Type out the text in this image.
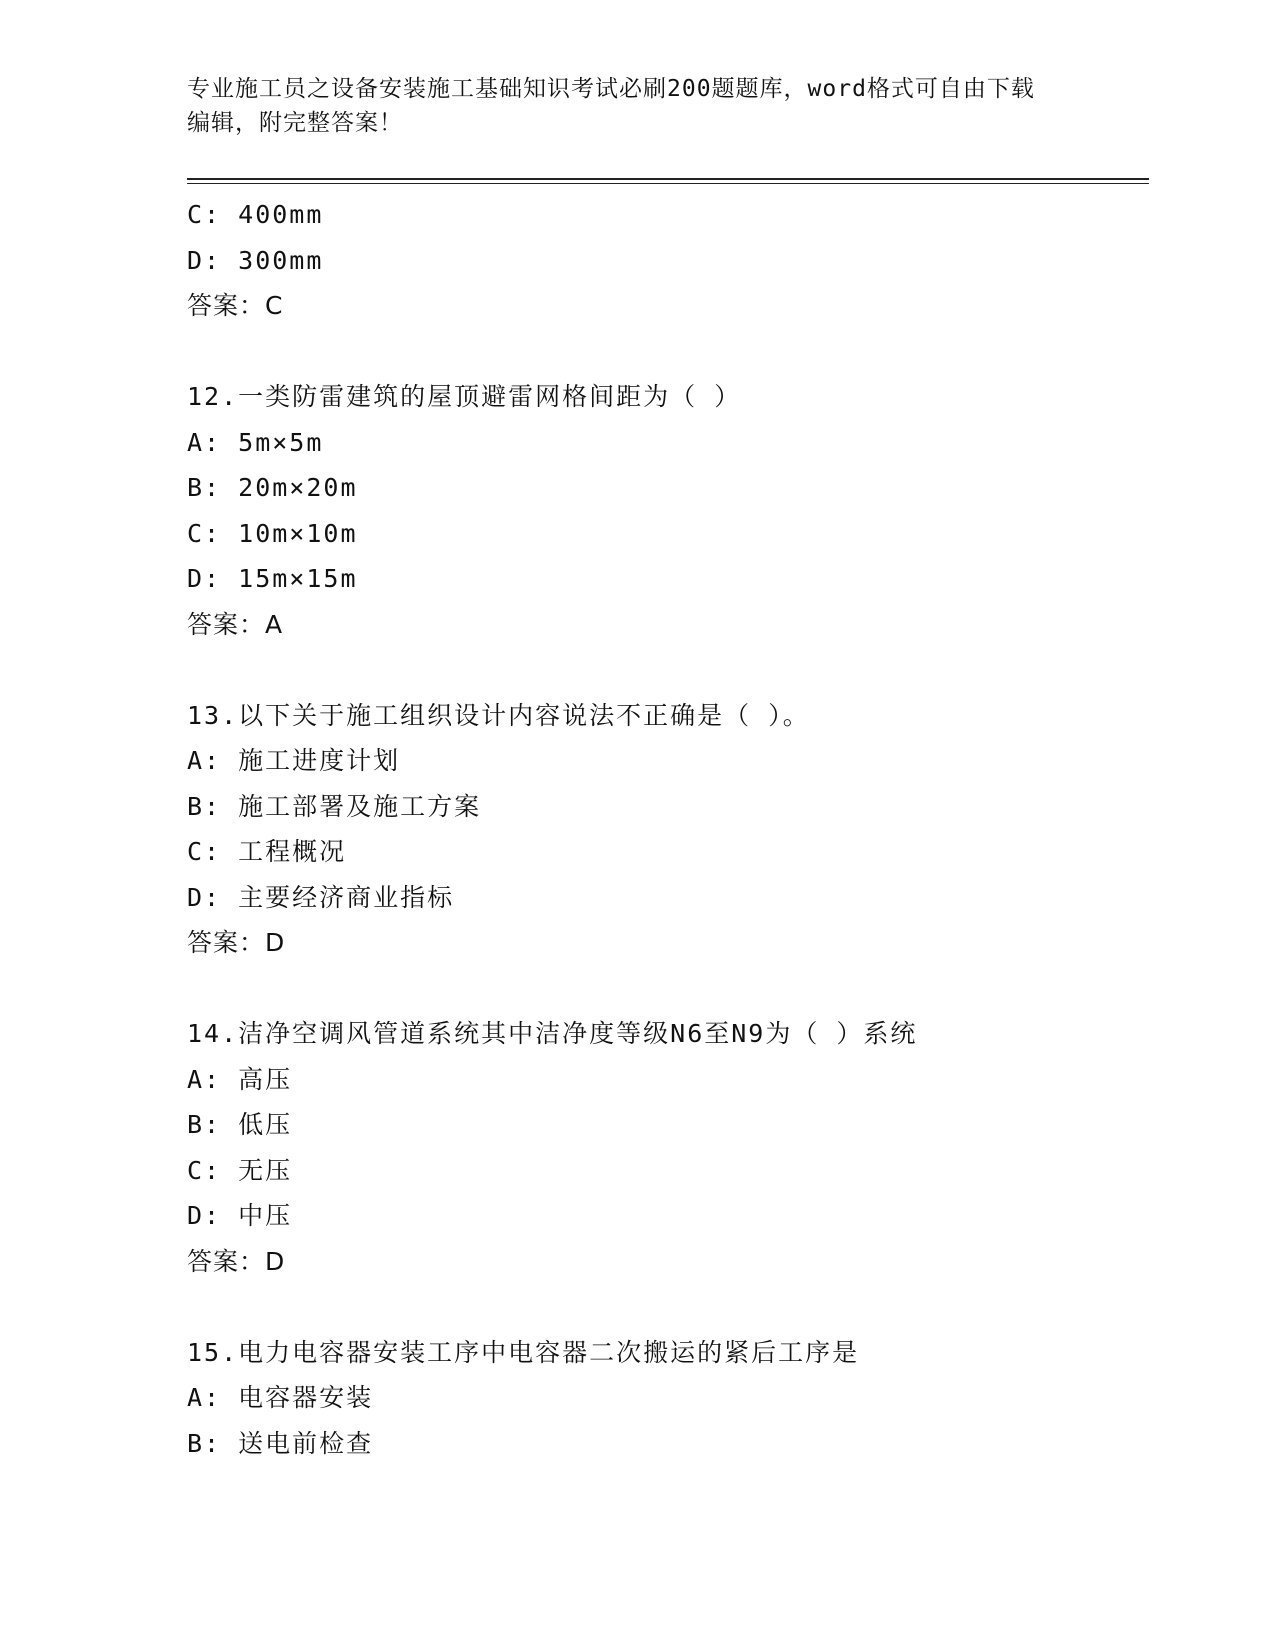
专业施工员之设备安装施工基础知识考试必刷200题题库，word格式可自由下载
编辑，附完整答案！
C: 400mm
D: 300mm
答案：C
12.一类防雷建筑的屋顶避雷网格间距为（ ）
A: 5m×5m
B: 20m×20m
C: 10m×10m
D: 15m×15m
答案：A
13.以下关于施工组织设计内容说法不正确是（ ）。
A: 施工进度计划
B: 施工部署及施工方案
C: 工程概况
D: 主要经济商业指标
答案：D
14.洁净空调风管道系统其中洁净度等级N6至N9为（ ）系统
A: 高压
B: 低压
C: 无压
D: 中压
答案：D
15.电力电容器安装工序中电容器二次搬运的紧后工序是
A: 电容器安装
B: 送电前检查
